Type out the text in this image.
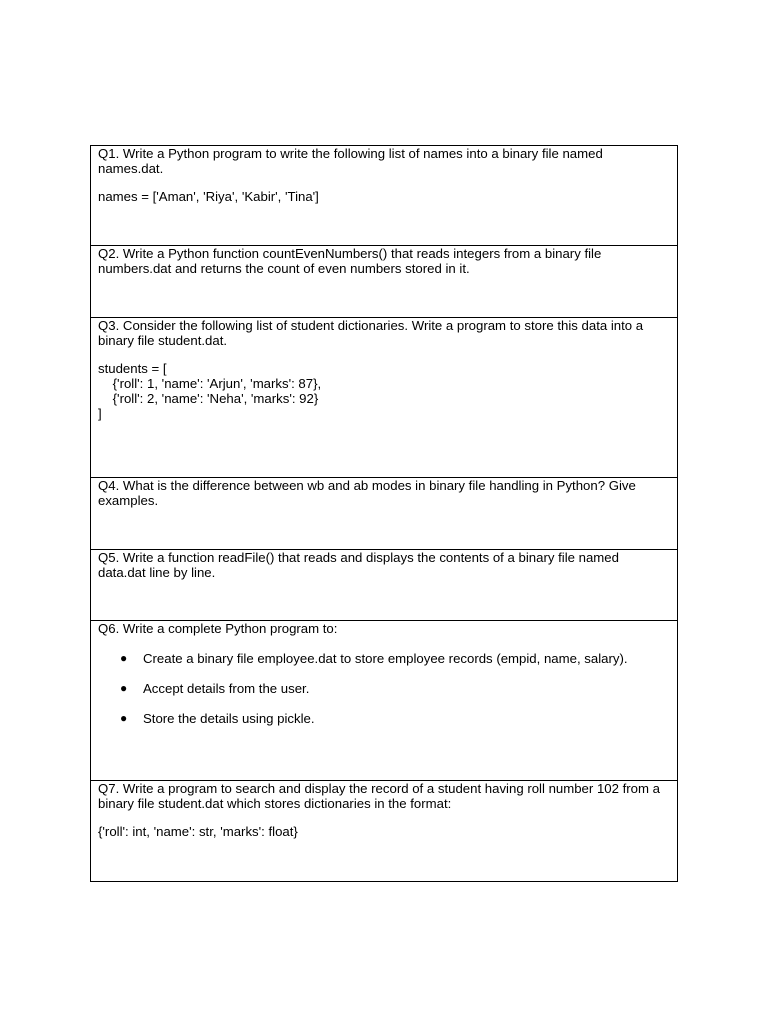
Q1. Write a Python program to write the following list of names into a binary file named names.dat.

names = ['Aman', 'Riya', 'Kabir', 'Tina']

Q2. Write a Python function countEvenNumbers() that reads integers from a binary file numbers.dat and returns the count of even numbers stored in it.

Q3. Consider the following list of student dictionaries. Write a program to store this data into a binary file student.dat.

students = [

{'roll': 1, 'name': 'Arjun', 'marks': 87},

{'roll': 2, 'name': 'Neha', 'marks': 92}

]

Q4. What is the difference between wb and ab modes in binary file handling in Python? Give examples.

Q5. Write a function readFile() that reads and displays the contents of a binary file named data.dat line by line.

Q6. Write a complete Python program to:

● Create a binary file employee.dat to store employee records (empid, name, salary).
● Accept details from the user.
● Store the details using pickle.

Q7. Write a program to search and display the record of a student having roll number 102 from a binary file student.dat which stores dictionaries in the format:

{'roll': int, 'name': str, 'marks': float}
